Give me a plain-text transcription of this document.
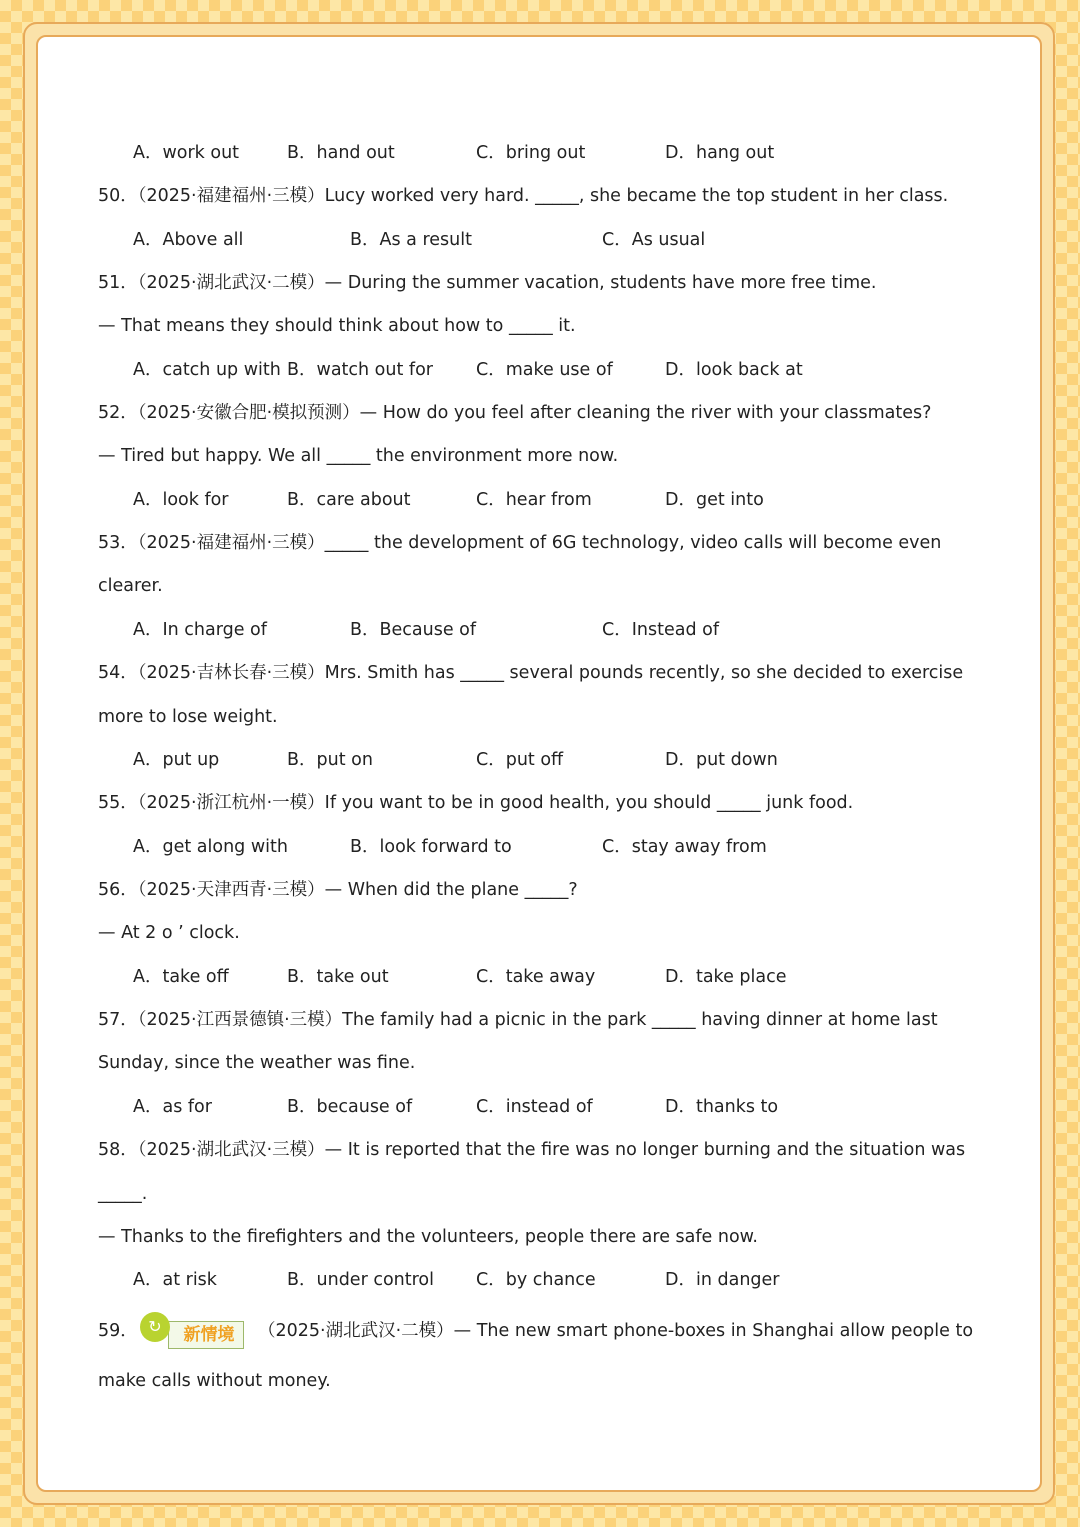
A．work out	B．hand out	C．bring out	D．hang out
50．（2025·福建福州·三模）Lucy worked very hard. _____, she became the top student in her class.
A．Above all	B．As a result	C．As usual
51．（2025·湖北武汉·二模）— During the summer vacation, students have more free time.
— That means they should think about how to _____ it.
A．catch up with B．watch out for C．make use of	D．look back at
52．（2025·安徽合肥·模拟预测）— How do you feel after cleaning the river with your classmates?
— Tired but happy. We all _____ the environment more now.
A．look for	B．care about	C．hear from	D．get into
53．（2025·福建福州·三模）_____ the development of 6G technology, video calls will become even
clearer.
A．In charge of	B．Because of	C．Instead of
54．（2025·吉林长春·三模）Mrs. Smith has _____ several pounds recently, so she decided to exercise
more to lose weight.
A．put up	B．put on	C．put off	D．put down
55．（2025·浙江杭州·一模）If you want to be in good health, you should _____ junk food.
A．get along with	B．look forward to	C．stay away from
56．（2025·天津西青·三模）— When did the plane _____?
— At 2 o ’ clock.
A．take off	B．take out	C．take away	D．take place
57．（2025·江西景德镇·三模）The family had a picnic in the park _____ having dinner at home last
Sunday, since the weather was fine.
A．as for	B．because of	C．instead of	D．thanks to
58．（2025·湖北武汉·三模）— It is reported that the fire was no longer burning and the situation was
_____.
— Thanks to the firefighters and the volunteers, people there are safe now.
A．at risk	B．under control C．by chance	D．in danger
59．	新情境
↻	（2025·湖北武汉·二模）— The new smart phone-boxes in Shanghai allow people to
make calls without money.
